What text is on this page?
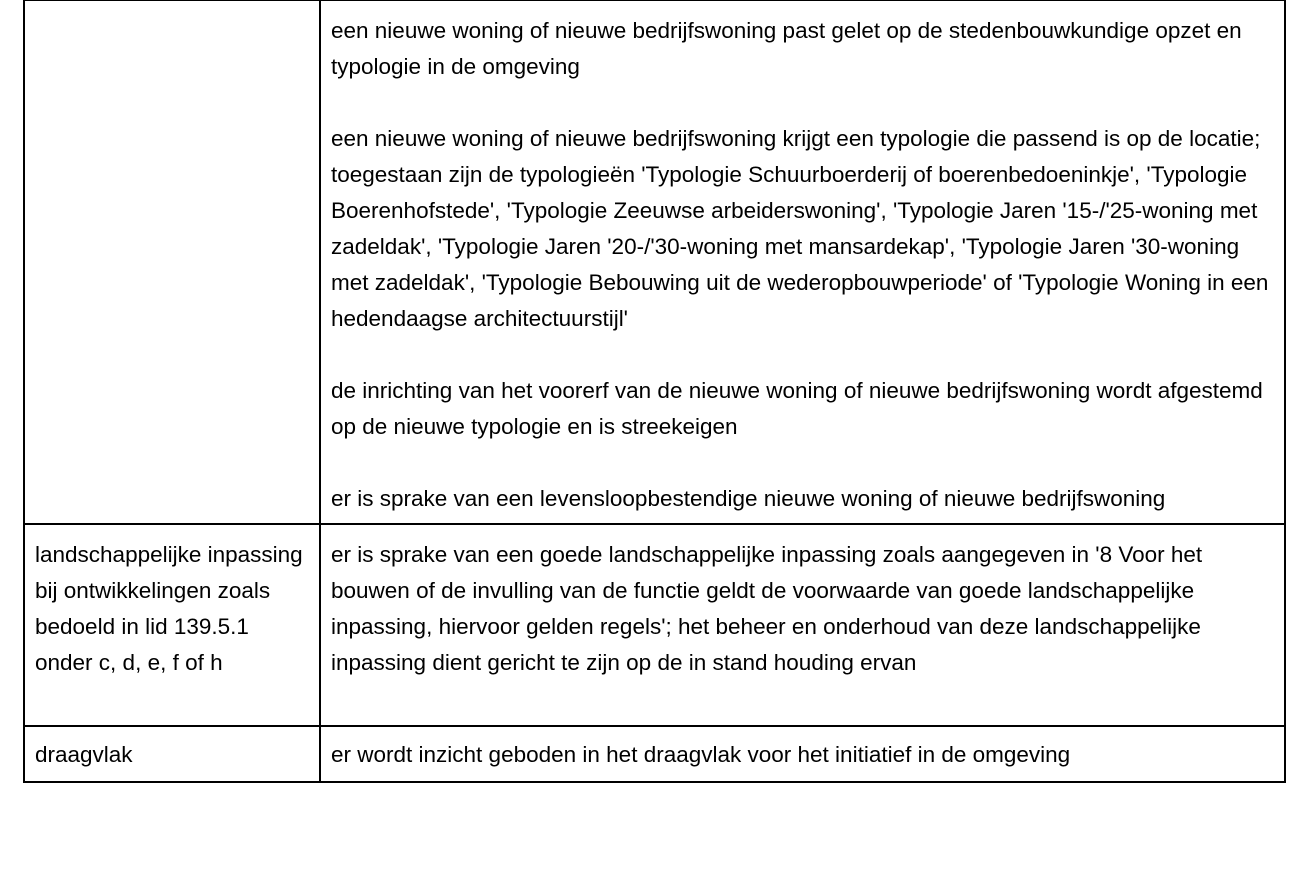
	een nieuwe woning of nieuwe bedrijfswoning past gelet op de stedenbouwkundige opzet en typologie in de omgeving

een nieuwe woning of nieuwe bedrijfswoning krijgt een typologie die passend is op de locatie; toegestaan zijn de typologieën 'Typologie Schuurboerderij of boerenbedoeninkje', 'Typologie Boerenhofstede', 'Typologie Zeeuwse arbeiderswoning', 'Typologie Jaren '15-/'25-woning met zadeldak', 'Typologie Jaren '20-/'30-woning met mansardekap', 'Typologie Jaren '30-woning met zadeldak', 'Typologie Bebouwing uit de wederopbouwperiode' of 'Typologie Woning in een hedendaagse architectuurstijl'

de inrichting van het voorerf van de nieuwe woning of nieuwe bedrijfswoning wordt afgestemd op de nieuwe typologie en is streekeigen

er is sprake van een levensloopbestendige nieuwe woning of nieuwe bedrijfswoning

landschappelijke inpassing bij ontwikkelingen zoals bedoeld in lid 139.5.1 onder c, d, e, f of h	er is sprake van een goede landschappelijke inpassing zoals aangegeven in '8 Voor het bouwen of de invulling van de functie geldt de voorwaarde van goede landschappelijke inpassing, hiervoor gelden regels'; het beheer en onderhoud van deze landschappelijke inpassing dient gericht te zijn op de in stand houding ervan

draagvlak	er wordt inzicht geboden in het draagvlak voor het initiatief in de omgeving
